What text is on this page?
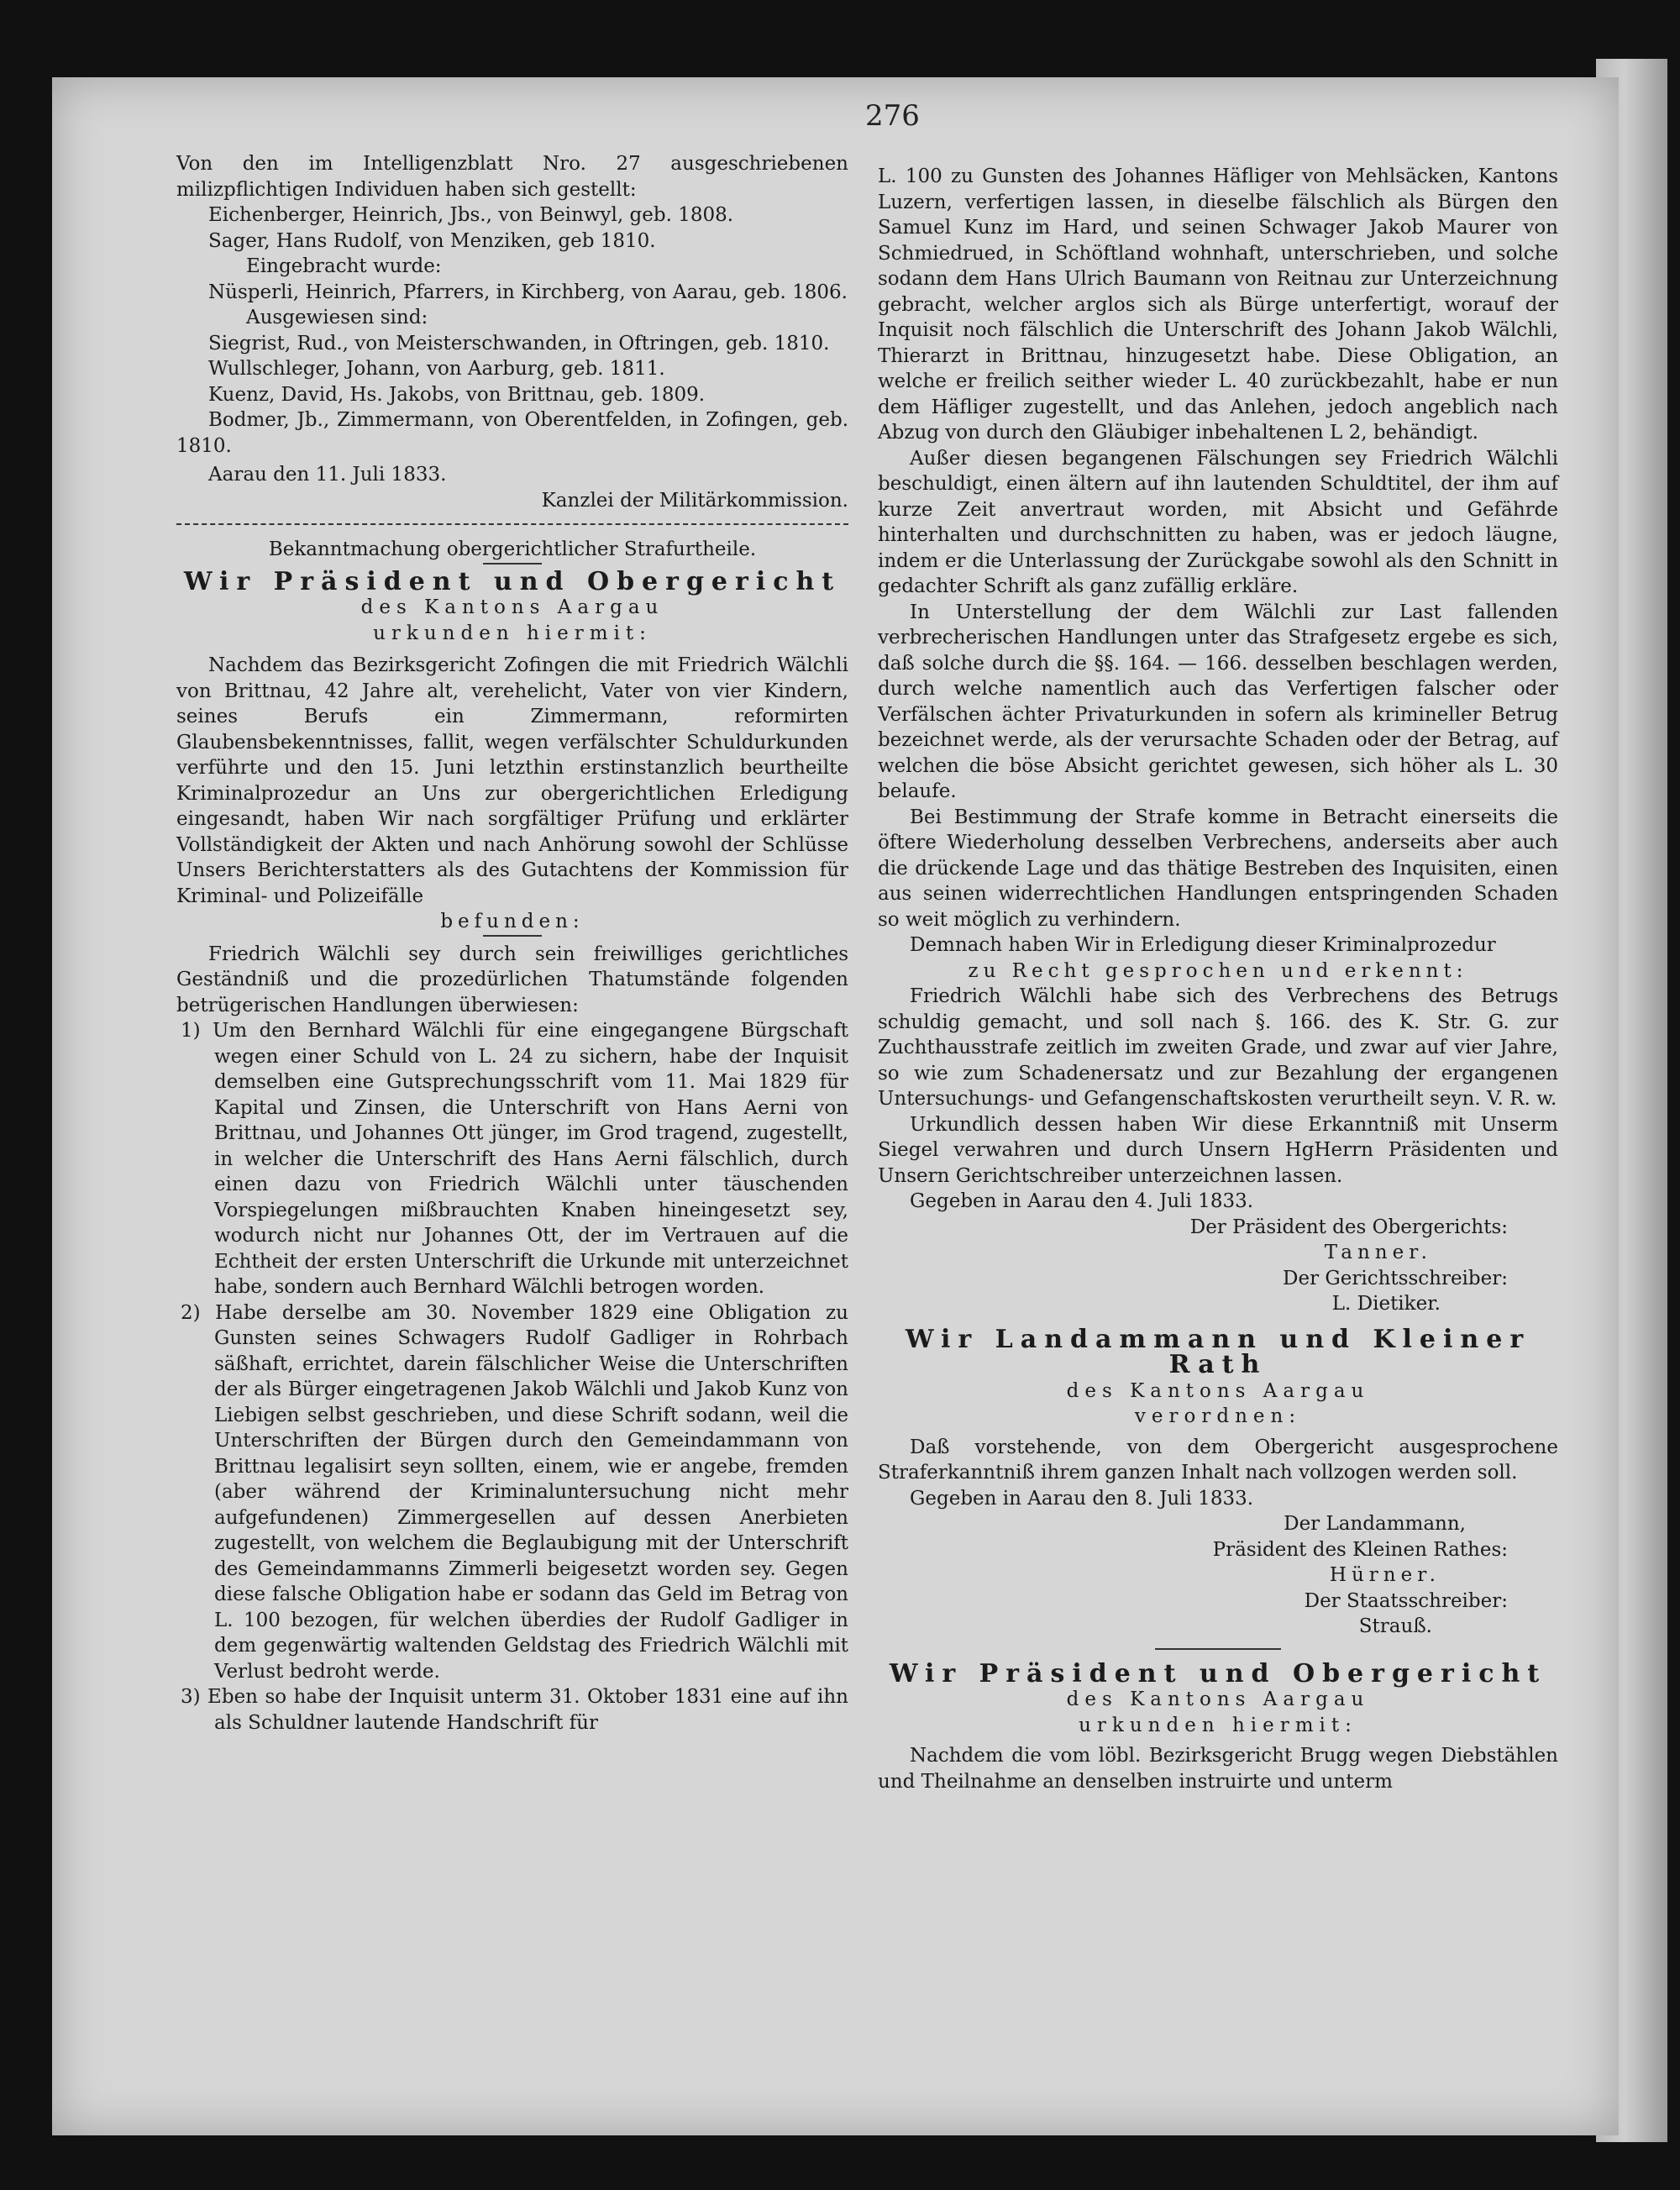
276

Von den im Intelligenzblatt Nro. 27 ausgeschriebenen milizpflichtigen Individuen haben sich gestellt:

Eichenberger, Heinrich, Jbs., von Beinwyl, geb. 1808.

Sager, Hans Rudolf, von Menziken, geb 1810.

Eingebracht wurde:

Nüsperli, Heinrich, Pfarrers, in Kirchberg, von Aarau, geb. 1806.

Ausgewiesen sind:

Siegrist, Rud., von Meisterschwanden, in Oftringen, geb. 1810.

Wullschleger, Johann, von Aarburg, geb. 1811.

Kuenz, David, Hs. Jakobs, von Brittnau, geb. 1809.

Bodmer, Jb., Zimmermann, von Oberentfelden, in Zofingen, geb. 1810.

Aarau den 11. Juli 1833.

Kanzlei der Militärkommission.

Bekanntmachung obergerichtlicher Strafurtheile.

Wir Präsident und Obergericht

des Kantons Aargau

urkunden hiermit:

Nachdem das Bezirksgericht Zofingen die mit Friedrich Wälchli von Brittnau, 42 Jahre alt, verehelicht, Vater von vier Kindern, seines Berufs ein Zimmermann, reformirten Glaubensbekenntnisses, fallit, wegen verfälschter Schuldurkunden verführte und den 15. Juni letzthin erstinstanzlich beurtheilte Kriminalprozedur an Uns zur obergerichtlichen Erledigung eingesandt, haben Wir nach sorgfältiger Prüfung und erklärter Vollständigkeit der Akten und nach Anhörung sowohl der Schlüsse Unsers Berichterstatters als des Gutachtens der Kommission für Kriminal- und Polizeifälle

befunden:

Friedrich Wälchli sey durch sein freiwilliges gerichtliches Geständniß und die prozedürlichen Thatumstände folgenden betrügerischen Handlungen überwiesen:

1) Um den Bernhard Wälchli für eine eingegangene Bürgschaft wegen einer Schuld von L. 24 zu sichern, habe der Inquisit demselben eine Gutsprechungsschrift vom 11. Mai 1829 für Kapital und Zinsen, die Unterschrift von Hans Aerni von Brittnau, und Johannes Ott jünger, im Grod tragend, zugestellt, in welcher die Unterschrift des Hans Aerni fälschlich, durch einen dazu von Friedrich Wälchli unter täuschenden Vorspiegelungen mißbrauchten Knaben hineingesetzt sey, wodurch nicht nur Johannes Ott, der im Vertrauen auf die Echtheit der ersten Unterschrift die Urkunde mit unterzeichnet habe, sondern auch Bernhard Wälchli betrogen worden.

2) Habe derselbe am 30. November 1829 eine Obligation zu Gunsten seines Schwagers Rudolf Gadliger in Rohrbach säßhaft, errichtet, darein fälschlicher Weise die Unterschriften der als Bürger eingetragenen Jakob Wälchli und Jakob Kunz von Liebigen selbst geschrieben, und diese Schrift sodann, weil die Unterschriften der Bürgen durch den Gemeindammann von Brittnau legalisirt seyn sollten, einem, wie er angebe, fremden (aber während der Kriminaluntersuchung nicht mehr aufgefundenen) Zimmergesellen auf dessen Anerbieten zugestellt, von welchem die Beglaubigung mit der Unterschrift des Gemeindammanns Zimmerli beigesetzt worden sey. Gegen diese falsche Obligation habe er sodann das Geld im Betrag von L. 100 bezogen, für welchen überdies der Rudolf Gadliger in dem gegenwärtig waltenden Geldstag des Friedrich Wälchli mit Verlust bedroht werde.

3) Eben so habe der Inquisit unterm 31. Oktober 1831 eine auf ihn als Schuldner lautende Handschrift für

L. 100 zu Gunsten des Johannes Häfliger von Mehlsäcken, Kantons Luzern, verfertigen lassen, in dieselbe fälschlich als Bürgen den Samuel Kunz im Hard, und seinen Schwager Jakob Maurer von Schmiedrued, in Schöftland wohnhaft, unterschrieben, und solche sodann dem Hans Ulrich Baumann von Reitnau zur Unterzeichnung gebracht, welcher arglos sich als Bürge unterfertigt, worauf der Inquisit noch fälschlich die Unterschrift des Johann Jakob Wälchli, Thierarzt in Brittnau, hinzugesetzt habe. Diese Obligation, an welche er freilich seither wieder L. 40 zurückbezahlt, habe er nun dem Häfliger zugestellt, und das Anlehen, jedoch angeblich nach Abzug von durch den Gläubiger inbehaltenen L 2, behändigt.

Außer diesen begangenen Fälschungen sey Friedrich Wälchli beschuldigt, einen ältern auf ihn lautenden Schuldtitel, der ihm auf kurze Zeit anvertraut worden, mit Absicht und Gefährde hinterhalten und durchschnitten zu haben, was er jedoch läugne, indem er die Unterlassung der Zurückgabe sowohl als den Schnitt in gedachter Schrift als ganz zufällig erkläre.

In Unterstellung der dem Wälchli zur Last fallenden verbrecherischen Handlungen unter das Strafgesetz ergebe es sich, daß solche durch die §§. 164. — 166. desselben beschlagen werden, durch welche namentlich auch das Verfertigen falscher oder Verfälschen ächter Privaturkunden in sofern als krimineller Betrug bezeichnet werde, als der verursachte Schaden oder der Betrag, auf welchen die böse Absicht gerichtet gewesen, sich höher als L. 30 belaufe.

Bei Bestimmung der Strafe komme in Betracht einerseits die öftere Wiederholung desselben Verbrechens, anderseits aber auch die drückende Lage und das thätige Bestreben des Inquisiten, einen aus seinen widerrechtlichen Handlungen entspringenden Schaden so weit möglich zu verhindern.

Demnach haben Wir in Erledigung dieser Kriminalprozedur

zu Recht gesprochen und erkennt:

Friedrich Wälchli habe sich des Verbrechens des Betrugs schuldig gemacht, und soll nach §. 166. des K. Str. G. zur Zuchthausstrafe zeitlich im zweiten Grade, und zwar auf vier Jahre, so wie zum Schadenersatz und zur Bezahlung der ergangenen Untersuchungs- und Gefangenschaftskosten verurtheilt seyn. V. R. w.

Urkundlich dessen haben Wir diese Erkanntniß mit Unserm Siegel verwahren und durch Unsern HgHerrn Präsidenten und Unsern Gerichtschreiber unterzeichnen lassen.

Gegeben in Aarau den 4. Juli 1833.

Der Präsident des Obergerichts:

Tanner.

Der Gerichtsschreiber:

L. Dietiker.

Wir Landammann und Kleiner Rath

des Kantons Aargau

verordnen:

Daß vorstehende, von dem Obergericht ausgesprochene Straferkanntniß ihrem ganzen Inhalt nach vollzogen werden soll.

Gegeben in Aarau den 8. Juli 1833.

Der Landammann,

Präsident des Kleinen Rathes:

Hürner.

Der Staatsschreiber:

Strauß.

Wir Präsident und Obergericht

des Kantons Aargau

urkunden hiermit:

Nachdem die vom löbl. Bezirksgericht Brugg wegen Diebstählen und Theilnahme an denselben instruirte und unterm
